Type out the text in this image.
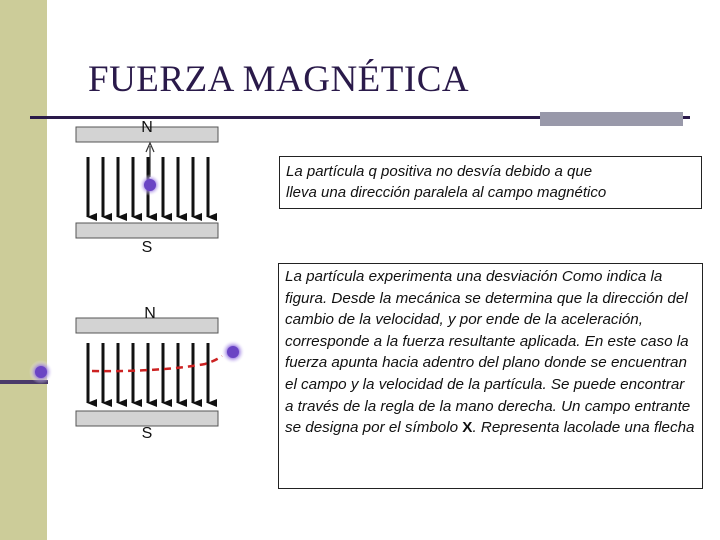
FUERZA MAGNÉTICA
N
S
N
S
La partícula q positiva no desvía debido a que
lleva una dirección paralela al campo magnético
La partícula experimenta una desviación Como indica la figura. Desde la mecánica se determina que la dirección del cambio de la velocidad, y por ende de la aceleración, corresponde a la fuerza resultante aplicada. En este caso la fuerza apunta hacia adentro del plano donde se encuentran el campo y la velocidad de la partícula. Se puede encontrar a través de la regla de la mano derecha. Un campo entrante se designa por el símbolo X. Representa lacolade una flecha
